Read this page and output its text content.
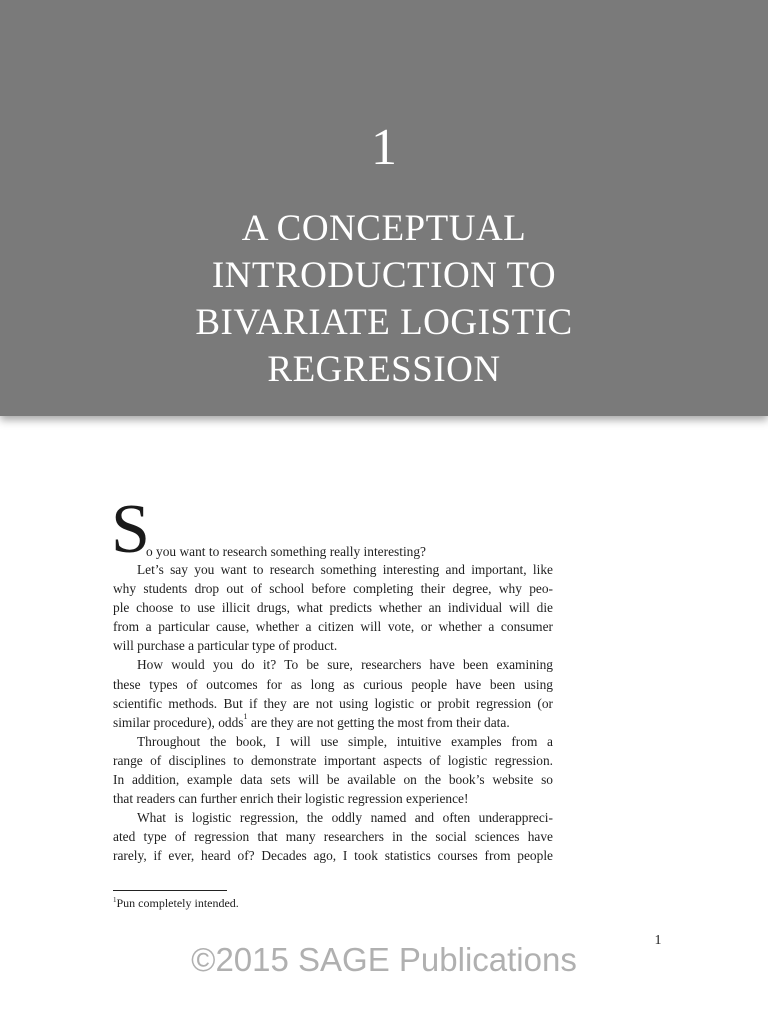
1
A CONCEPTUAL
INTRODUCTION TO
BIVARIATE LOGISTIC
REGRESSION
S
o you want to research something really interesting?
Let’s say you want to research something interesting and important, like
why students drop out of school before completing their degree, why peo-
ple choose to use illicit drugs, what predicts whether an individual will die
from a particular cause, whether a citizen will vote, or whether a consumer
will purchase a particular type of product.
How would you do it? To be sure, researchers have been examining
these types of outcomes for as long as curious people have been using
scientific methods. But if they are not using logistic or probit regression (or
similar procedure), odds$^1$ are they are not getting the most from their data.
Throughout the book, I will use simple, intuitive examples from a
range of disciplines to demonstrate important aspects of logistic regression.
In addition, example data sets will be available on the book’s website so
that readers can further enrich their logistic regression experience!
What is logistic regression, the oddly named and often underappreci-
ated type of regression that many researchers in the social sciences have
rarely, if ever, heard of? Decades ago, I took statistics courses from people
$^1$Pun completely intended.
1
©2015 SAGE Publications
